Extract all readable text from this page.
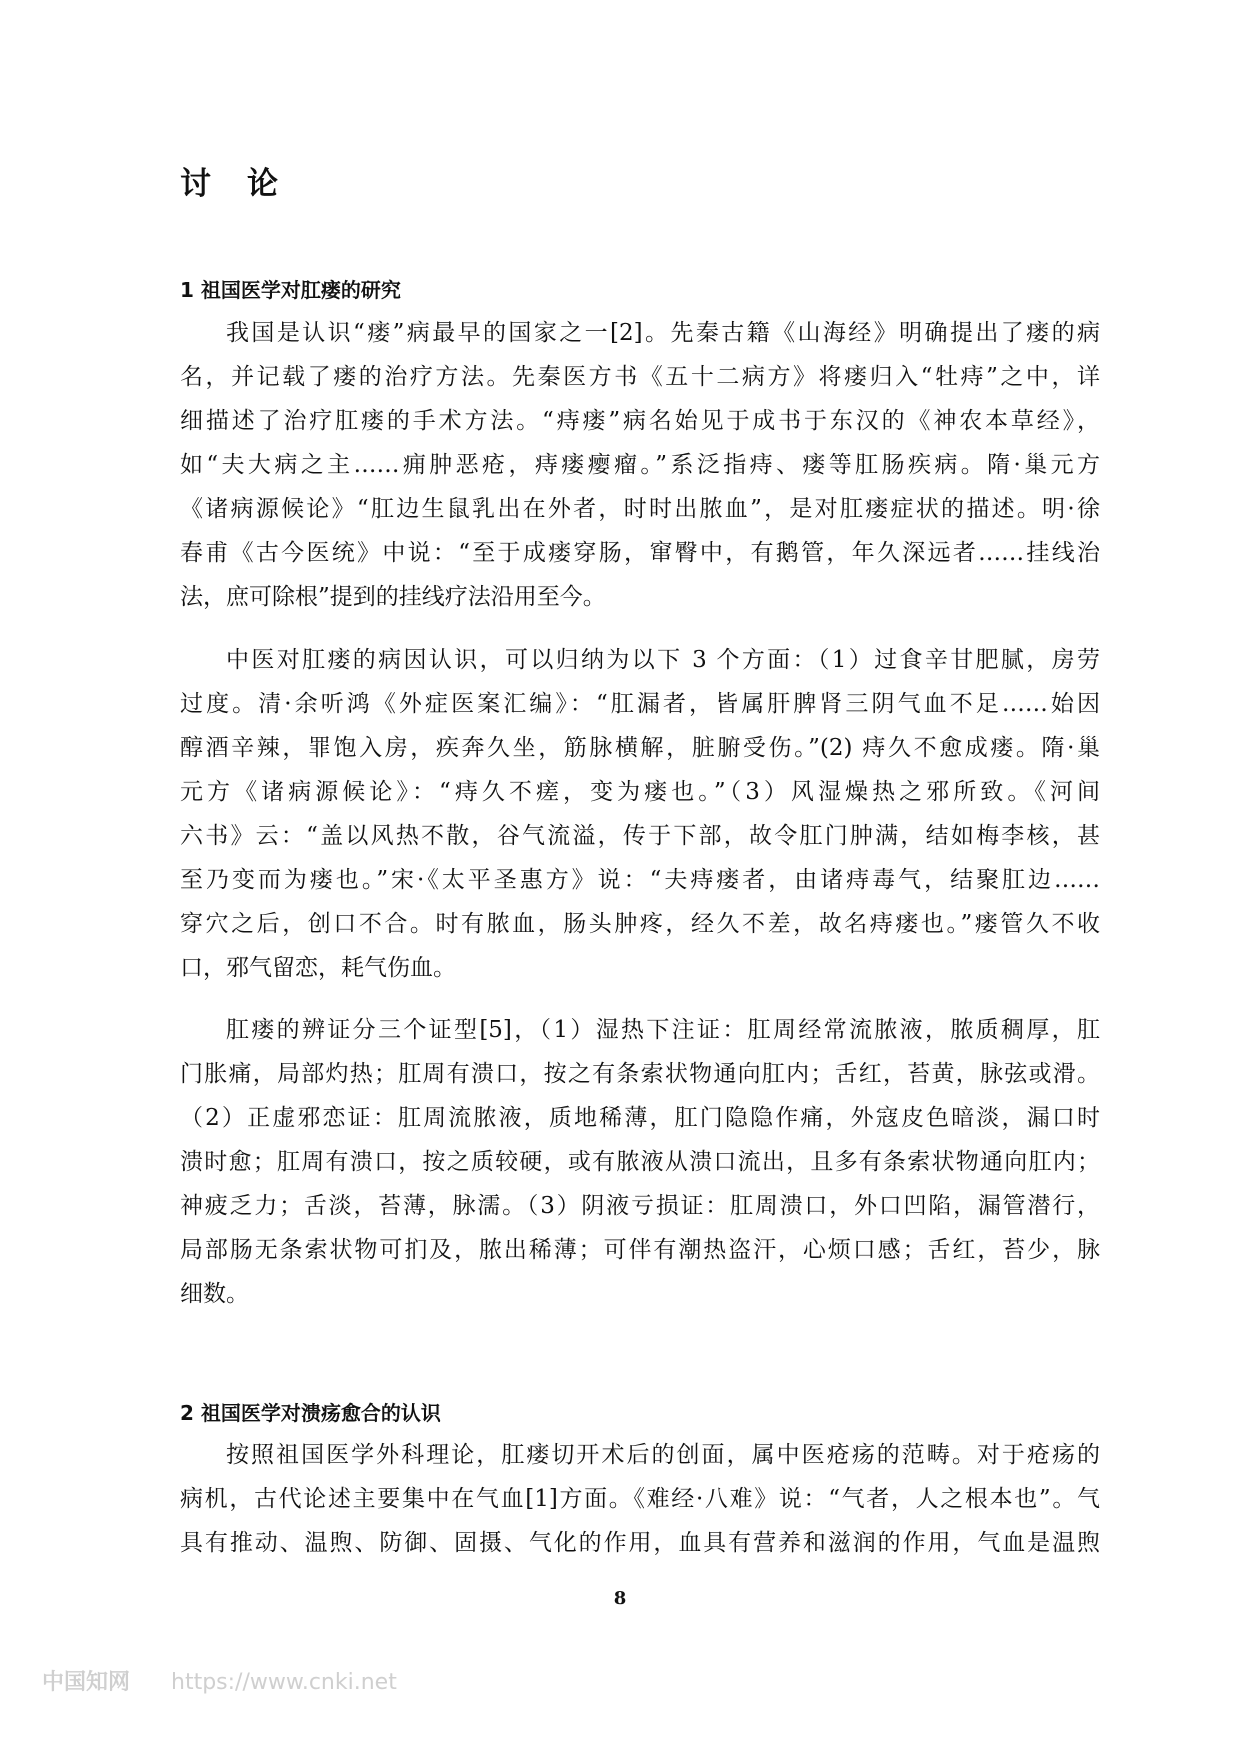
讨论
1 祖国医学对肛瘘的研究
我国是认识“瘘”病最早的国家之一[2]。先秦古籍《山海经》明确提出了瘘的病
名，并记载了瘘的治疗方法。先秦医方书《五十二病方》将瘘归入“牡痔”之中，详
细描述了治疗肛瘘的手术方法。“痔瘘”病名始见于成书于东汉的《神农本草经》，
如“夫大病之主……痈肿恶疮，痔瘘瘿瘤。”系泛指痔、瘘等肛肠疾病。隋·巢元方
《诸病源候论》“肛边生鼠乳出在外者，时时出脓血”，是对肛瘘症状的描述。明·徐
春甫《古今医统》中说：“至于成瘘穿肠，窜臀中，有鹅管，年久深远者……挂线治
法，庶可除根”提到的挂线疗法沿用至今。
中医对肛瘘的病因认识，可以归纳为以下 3 个方面：（1）过食辛甘肥腻，房劳
过度。清·余听鸿《外症医案汇编》：“肛漏者，皆属肝脾肾三阴气血不足……始因
醇酒辛辣，罪饱入房，疾奔久坐，筋脉横解，脏腑受伤。”(2) 痔久不愈成瘘。隋·巢
元方《诸病源候论》：“痔久不瘥，变为瘘也。”（3）风湿燥热之邪所致。《河间
六书》云：“盖以风热不散，谷气流溢，传于下部，故令肛门肿满，结如梅李核，甚
至乃变而为瘘也。”宋·《太平圣惠方》说：“夫痔瘘者，由诸痔毒气，结聚肛边……
穿穴之后，创口不合。时有脓血，肠头肿疼，经久不差，故名痔瘘也。”瘘管久不收
口，邪气留恋，耗气伤血。
肛瘘的辨证分三个证型[5]，（1）湿热下注证：肛周经常流脓液，脓质稠厚，肛
门胀痛，局部灼热；肛周有溃口，按之有条索状物通向肛内；舌红，苔黄，脉弦或滑。
（2）正虚邪恋证：肛周流脓液，质地稀薄，肛门隐隐作痛，外寇皮色暗淡，漏口时
溃时愈；肛周有溃口，按之质较硬，或有脓液从溃口流出，且多有条索状物通向肛内；
神疲乏力；舌淡，苔薄，脉濡。（3）阴液亏损证：肛周溃口，外口凹陷，漏管潜行，
局部肠无条索状物可扪及，脓出稀薄；可伴有潮热盗汗，心烦口感；舌红，苔少，脉
细数。
2 祖国医学对溃疡愈合的认识
按照祖国医学外科理论，肛瘘切开术后的创面，属中医疮疡的范畴。对于疮疡的
病机，古代论述主要集中在气血[1]方面。《难经·八难》说：“气者，人之根本也”。气
具有推动、温煦、防御、固摄、气化的作用，血具有营养和滋润的作用，气血是温煦
8
中国知网 https://www.cnki.net
